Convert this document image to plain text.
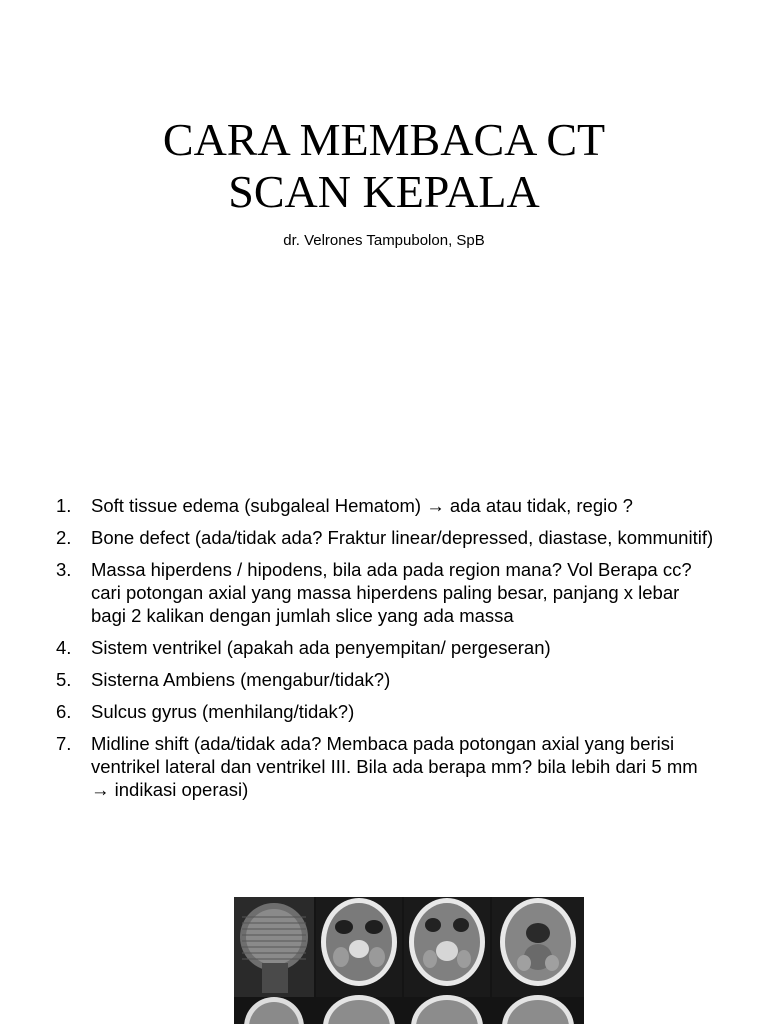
CARA MEMBACA CT
SCAN KEPALA
dr. Velrones Tampubolon, SpB
1.	Soft tissue edema (subgaleal Hematom) → ada atau tidak, regio ?
2.	Bone defect (ada/tidak ada? Fraktur linear/depressed, diastase, kommunitif)
3.	Massa hiperdens / hipodens, bila ada pada region mana? Vol Berapa cc? cari potongan axial yang massa hiperdens paling besar, panjang x lebar bagi 2 kalikan dengan jumlah slice yang ada massa
4.	Sistem ventrikel (apakah ada penyempitan/ pergeseran)
5.	Sisterna Ambiens (mengabur/tidak?)
6.	Sulcus gyrus (menhilang/tidak?)
7.	Midline shift (ada/tidak ada? Membaca pada potongan axial yang berisi ventrikel lateral dan ventrikel III. Bila ada berapa mm? bila lebih dari 5 mm → indikasi operasi)
